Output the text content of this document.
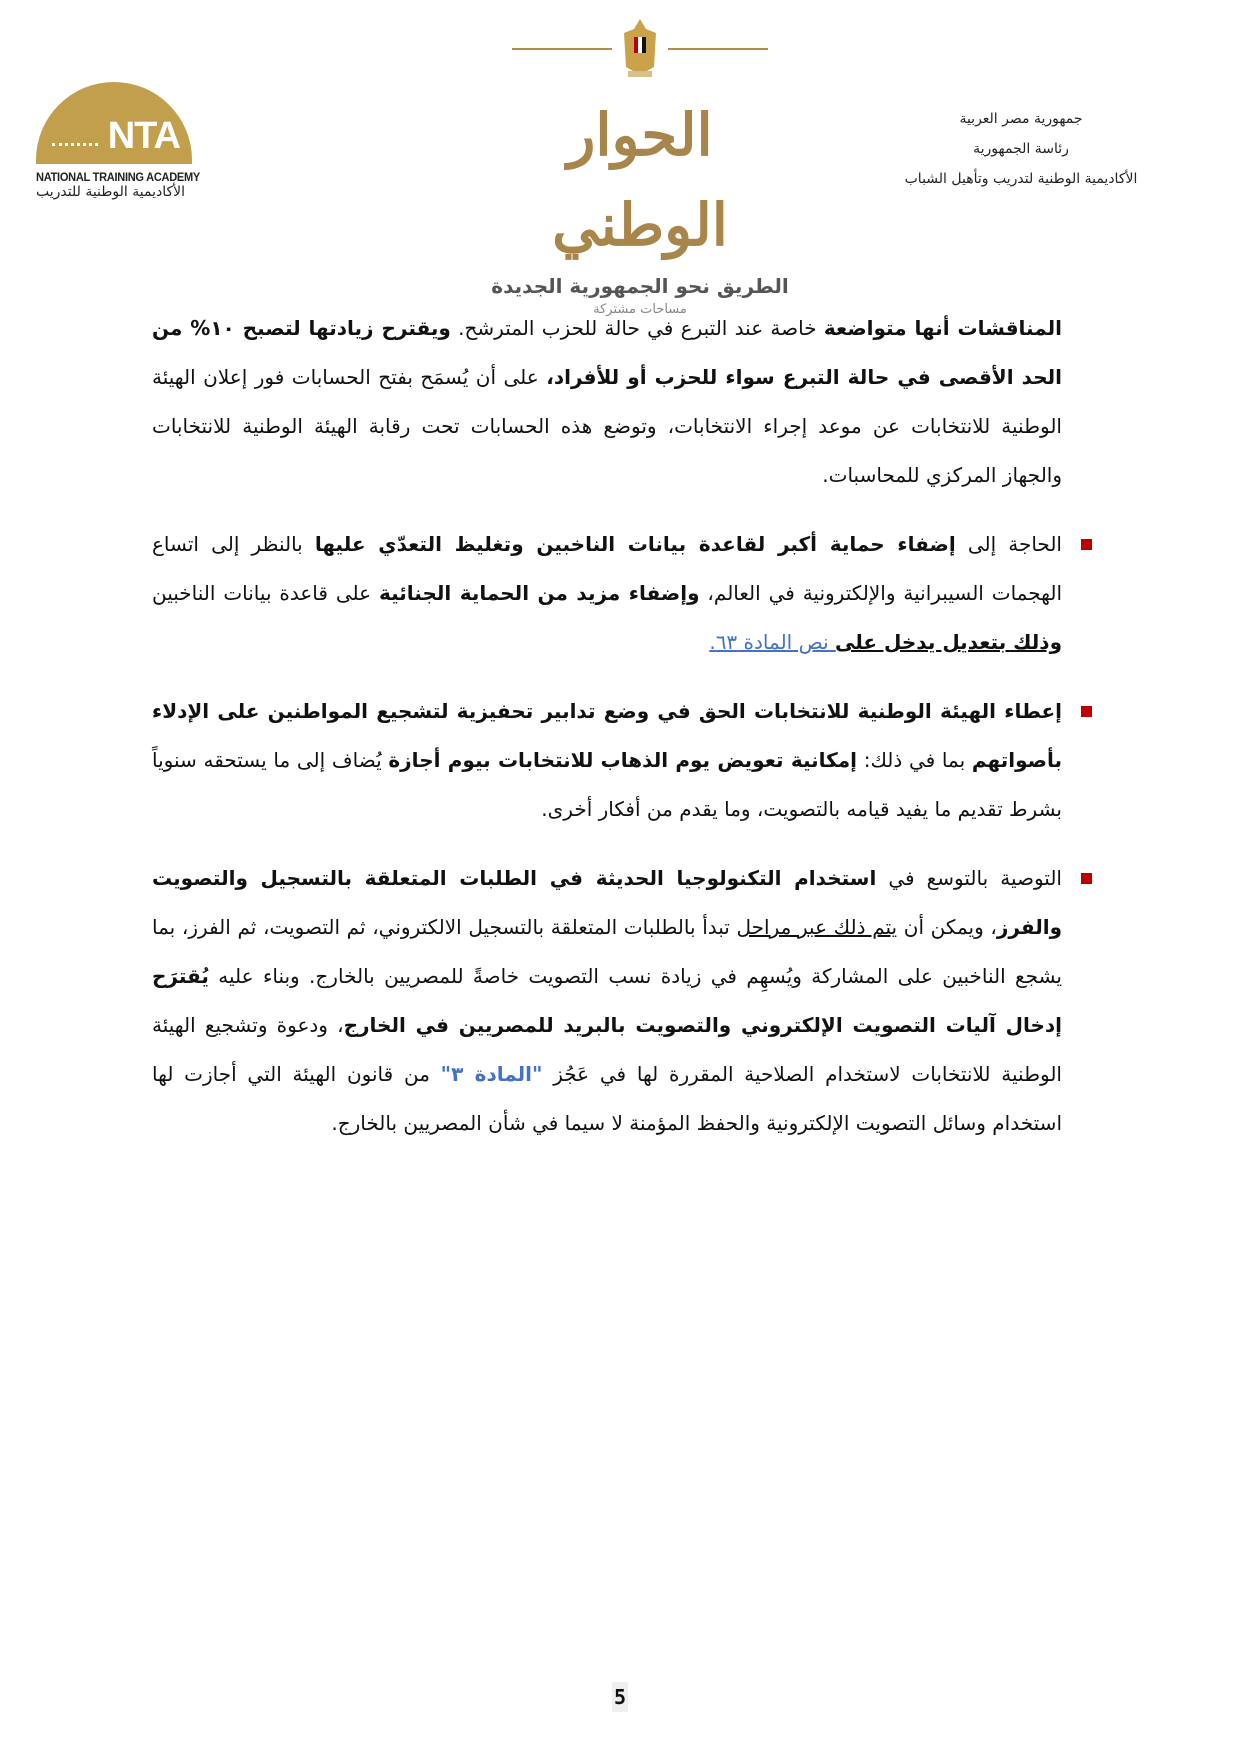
NTA
NATIONAL TRAINING ACADEMY
الأكاديمية الوطنية للتدريب
الحوار الوطني
الطريق نحو الجمهورية الجديدة
مساحات مشتركة
جمهورية مصر العربية
رئاسة الجمهورية
الأكاديمية الوطنية لتدريب وتأهيل الشباب

المناقشات أنها متواضعة خاصة عند التبرع في حالة للحزب المترشح. ويقترح زيادتها لتصبح ١٠% من الحد الأقصى في حالة التبرع سواء للحزب أو للأفراد، على أن يُسمَح بفتح الحسابات فور إعلان الهيئة الوطنية للانتخابات عن موعد إجراء الانتخابات، وتوضع هذه الحسابات تحت رقابة الهيئة الوطنية للانتخابات والجهاز المركزي للمحاسبات.

الحاجة إلى إضفاء حماية أكبر لقاعدة بيانات الناخبين وتغليظ التعدّي عليها بالنظر إلى اتساع الهجمات السيبرانية والإلكترونية في العالم، وإضفاء مزيد من الحماية الجنائية على قاعدة بيانات الناخبين وذلك بتعديل يدخل على نص المادة ٦٣.

إعطاء الهيئة الوطنية للانتخابات الحق في وضع تدابير تحفيزية لتشجيع المواطنين على الإدلاء بأصواتهم بما في ذلك: إمكانية تعويض يوم الذهاب للانتخابات بيوم أجازة يُضاف إلى ما يستحقه سنوياً بشرط تقديم ما يفيد قيامه بالتصويت، وما يقدم من أفكار أخرى.

التوصية بالتوسع في استخدام التكنولوجيا الحديثة في الطلبات المتعلقة بالتسجيل والتصويت والفرز، ويمكن أن يتم ذلك عبر مراحل تبدأ بالطلبات المتعلقة بالتسجيل الالكتروني، ثم التصويت، ثم الفرز، بما يشجع الناخبين على المشاركة ويُسهِم في زيادة نسب التصويت خاصةً للمصريين بالخارج. وبناء عليه يُقترَح إدخال آليات التصويت الإلكتروني والتصويت بالبريد للمصريين في الخارج، ودعوة وتشجيع الهيئة الوطنية للانتخابات لاستخدام الصلاحية المقررة لها في عَجُز "المادة ٣" من قانون الهيئة التي أجازت لها استخدام وسائل التصويت الإلكترونية والحفظ المؤمنة لا سيما في شأن المصريين بالخارج.

5
